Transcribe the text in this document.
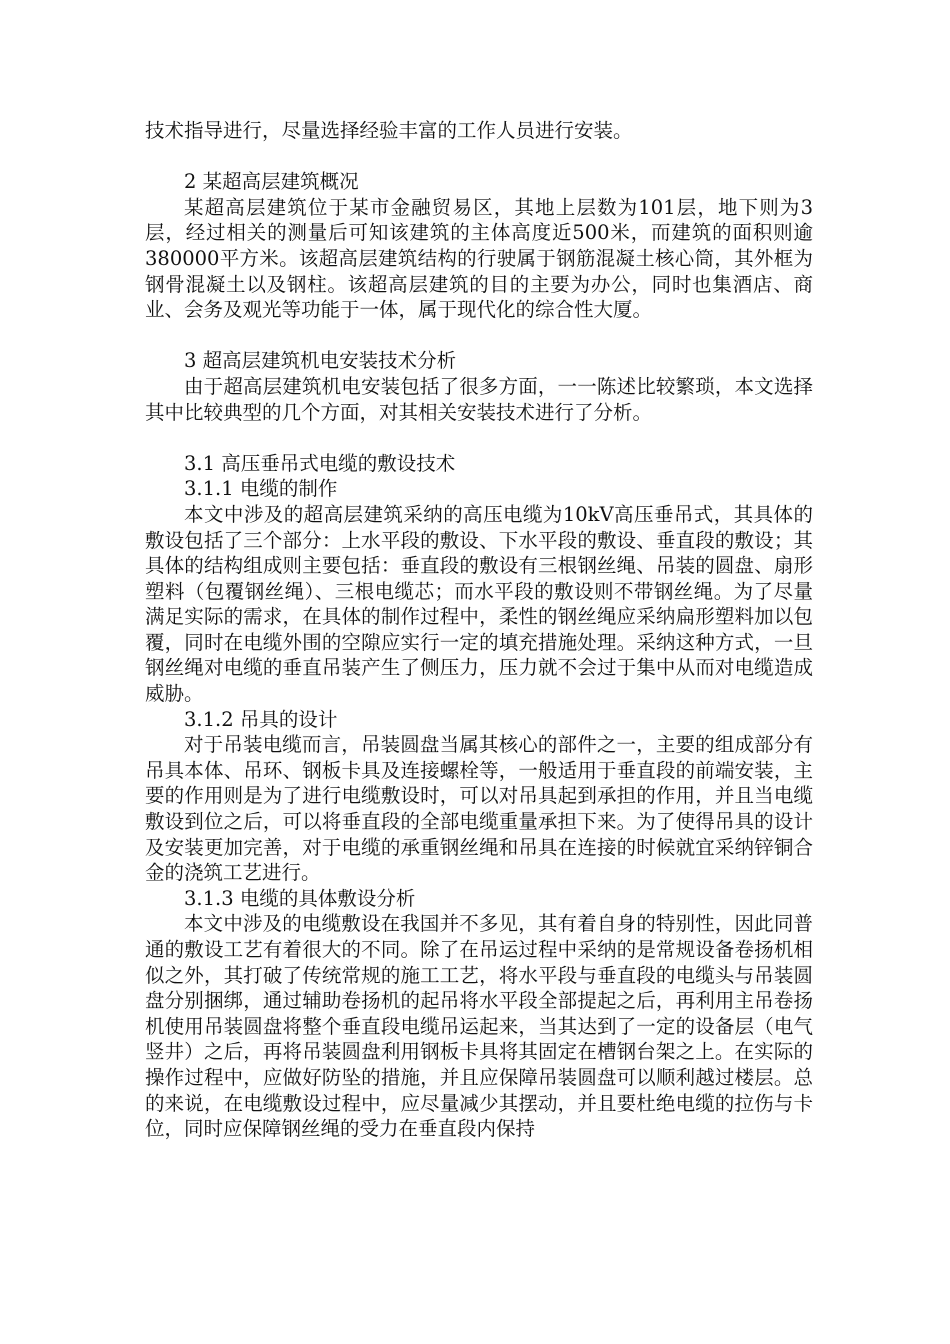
技术指导进行，尽量选择经验丰富的工作人员进行安装。

2 某超高层建筑概况

某超高层建筑位于某市金融贸易区，其地上层数为101层，地下则为3层，经过相关的测量后可知该建筑的主体高度近500米，而建筑的面积则逾380000平方米。该超高层建筑结构的行驶属于钢筋混凝土核心筒，其外框为钢骨混凝土以及钢柱。该超高层建筑的目的主要为办公，同时也集酒店、商业、会务及观光等功能于一体，属于现代化的综合性大厦。

3 超高层建筑机电安装技术分析

由于超高层建筑机电安装包括了很多方面，一一陈述比较繁琐，本文选择其中比较典型的几个方面，对其相关安装技术进行了分析。

3.1 高压垂吊式电缆的敷设技术

3.1.1 电缆的制作

本文中涉及的超高层建筑采纳的高压电缆为10kV高压垂吊式，其具体的敷设包括了三个部分：上水平段的敷设、下水平段的敷设、垂直段的敷设；其具体的结构组成则主要包括：垂直段的敷设有三根钢丝绳、吊装的圆盘、扇形塑料（包覆钢丝绳）、三根电缆芯；而水平段的敷设则不带钢丝绳。为了尽量满足实际的需求，在具体的制作过程中，柔性的钢丝绳应采纳扁形塑料加以包覆，同时在电缆外围的空隙应实行一定的填充措施处理。采纳这种方式，一旦钢丝绳对电缆的垂直吊装产生了侧压力，压力就不会过于集中从而对电缆造成威胁。

3.1.2 吊具的设计

对于吊装电缆而言，吊装圆盘当属其核心的部件之一，主要的组成部分有吊具本体、吊环、钢板卡具及连接螺栓等，一般适用于垂直段的前端安装，主要的作用则是为了进行电缆敷设时，可以对吊具起到承担的作用，并且当电缆敷设到位之后，可以将垂直段的全部电缆重量承担下来。为了使得吊具的设计及安装更加完善，对于电缆的承重钢丝绳和吊具在连接的时候就宜采纳锌铜合金的浇筑工艺进行。

3.1.3 电缆的具体敷设分析

本文中涉及的电缆敷设在我国并不多见，其有着自身的特别性，因此同普通的敷设工艺有着很大的不同。除了在吊运过程中采纳的是常规设备卷扬机相似之外，其打破了传统常规的施工工艺，将水平段与垂直段的电缆头与吊装圆盘分别捆绑，通过辅助卷扬机的起吊将水平段全部提起之后，再利用主吊卷扬机使用吊装圆盘将整个垂直段电缆吊运起来，当其达到了一定的设备层（电气竖井）之后，再将吊装圆盘利用钢板卡具将其固定在槽钢台架之上。在实际的操作过程中，应做好防坠的措施，并且应保障吊装圆盘可以顺利越过楼层。总的来说，在电缆敷设过程中，应尽量减少其摆动，并且要杜绝电缆的拉伤与卡位，同时应保障钢丝绳的受力在垂直段内保持
